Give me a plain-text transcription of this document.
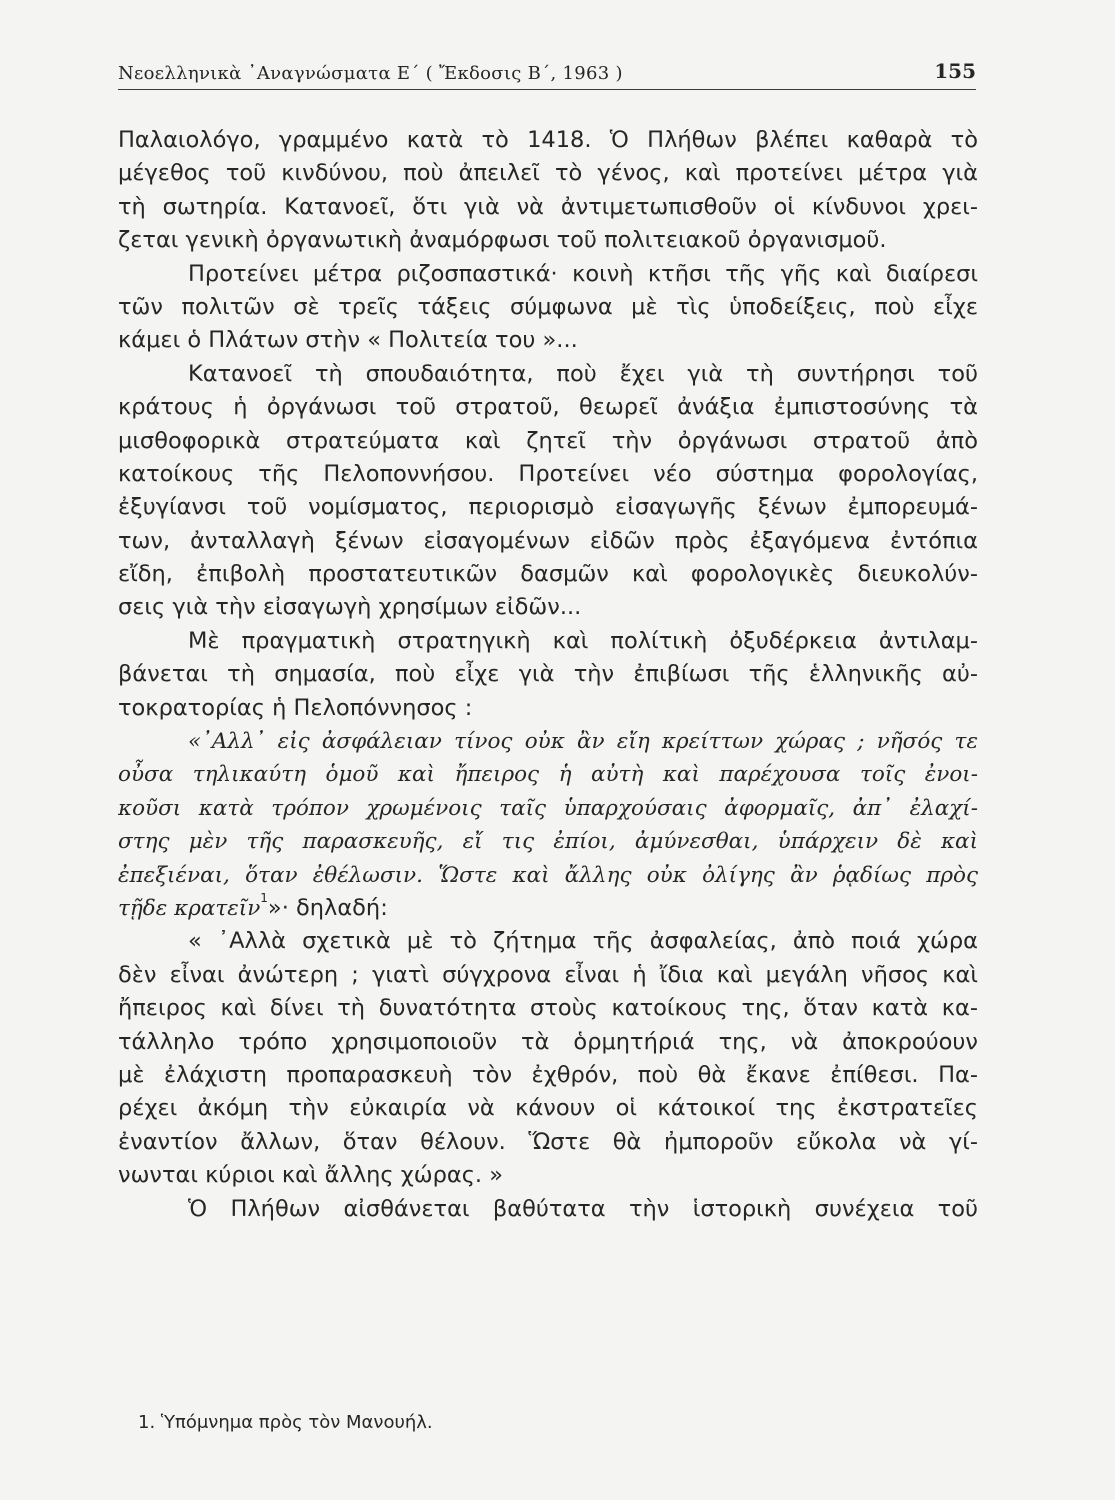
Νεοελληνικὰ ᾿Αναγνώσματα Ε΄ ( Ἔκδοσις Β΄, 1963 )	155
Παλαιολόγο, γραμμένο κατὰ τὸ 1418. Ὁ Πλήθων βλέπει καθαρὰ τὸ
μέγεθος τοῦ κινδύνου, ποὺ ἀπειλεῖ τὸ γένος, καὶ προτείνει μέτρα γιὰ
τὴ σωτηρία. Κατανοεῖ, ὅτι γιὰ νὰ ἀντιμετωπισθοῦν οἱ κίνδυνοι χρει-
ζεται γενικὴ ὀργανωτικὴ ἀναμόρφωσι τοῦ πολιτειακοῦ ὀργανισμοῦ.
Προτείνει μέτρα ριζοσπαστικά· κοινὴ κτῆσι τῆς γῆς καὶ διαίρεσι
τῶν πολιτῶν σὲ τρεῖς τάξεις σύμφωνα μὲ τὶς ὑποδείξεις, ποὺ εἶχε
κάμει ὁ Πλάτων στὴν « Πολιτεία του »...
Κατανοεῖ τὴ σπουδαιότητα, ποὺ ἔχει γιὰ τὴ συντήρησι τοῦ
κράτους ἡ ὀργάνωσι τοῦ στρατοῦ, θεωρεῖ ἀνάξια ἐμπιστοσύνης τὰ
μισθοφορικὰ στρατεύματα καὶ ζητεῖ τὴν ὀργάνωσι στρατοῦ ἀπὸ
κατοίκους τῆς Πελοποννήσου. Προτείνει νέο σύστημα φορολογίας,
ἐξυγίανσι τοῦ νομίσματος, περιορισμὸ εἰσαγωγῆς ξένων ἐμπορευμά-
των, ἀνταλλαγὴ ξένων εἰσαγομένων εἰδῶν πρὸς ἐξαγόμενα ἐντόπια
εἴδη, ἐπιβολὴ προστατευτικῶν δασμῶν καὶ φορολογικὲς διευκολύν-
σεις γιὰ τὴν εἰσαγωγὴ χρησίμων εἰδῶν...
Μὲ πραγματικὴ στρατηγικὴ καὶ πολίτικὴ ὀξυδέρκεια ἀντιλαμ-
βάνεται τὴ σημασία, ποὺ εἶχε γιὰ τὴν ἐπιβίωσι τῆς ἑλληνικῆς αὐ-
τοκρατορίας ἡ Πελοπόννησος :
«᾿Αλλ᾿ εἰς ἀσφάλειαν τίνος οὐκ ἂν εἴη κρείττων χώρας ; νῆσός τε
οὖσα τηλικαύτη ὁμοῦ καὶ ἤπειρος ἡ αὐτὴ καὶ παρέχουσα τοῖς ἐνοι-
κοῦσι κατὰ τρόπον χρωμένοις ταῖς ὑπαρχούσαις ἀφορμαῖς, ἀπ᾿ ἐλαχί-
στης μὲν τῆς παρασκευῆς, εἴ τις ἐπίοι, ἀμύνεσθαι, ὑπάρχειν δὲ καὶ
ἐπεξιέναι, ὅταν ἐθέλωσιν. Ὥστε καὶ ἄλλης οὐκ ὀλίγης ἂν ῥᾳδίως πρὸς
τῇδε κρατεῖν$^1$»· δηλαδή:
« ᾿Αλλὰ σχετικὰ μὲ τὸ ζήτημα τῆς ἀσφαλείας, ἀπὸ ποιά χώρα
δὲν εἶναι ἀνώτερη ; γιατὶ σύγχρονα εἶναι ἡ ἴδια καὶ μεγάλη νῆσος καὶ
ἤπειρος καὶ δίνει τὴ δυνατότητα στοὺς κατοίκους της, ὅταν κατὰ κα-
τάλληλο τρόπο χρησιμοποιοῦν τὰ ὁρμητήριά της, νὰ ἀποκρούουν
μὲ ἐλάχιστη προπαρασκευὴ τὸν ἐχθρόν, ποὺ θὰ ἔκανε ἐπίθεσι. Πα-
ρέχει ἀκόμη τὴν εὐκαιρία νὰ κάνουν οἱ κάτοικοί της ἐκστρατεῖες
ἐναντίον ἄλλων, ὅταν θέλουν. Ὥστε θὰ ἠμποροῦν εὔκολα νὰ γί-
νωνται κύριοι καὶ ἄλλης χώρας. »
Ὁ Πλήθων αἰσθάνεται βαθύτατα τὴν ἱστορικὴ συνέχεια τοῦ
1. Ὑπόμνημα πρὸς τὸν Μανουήλ.
